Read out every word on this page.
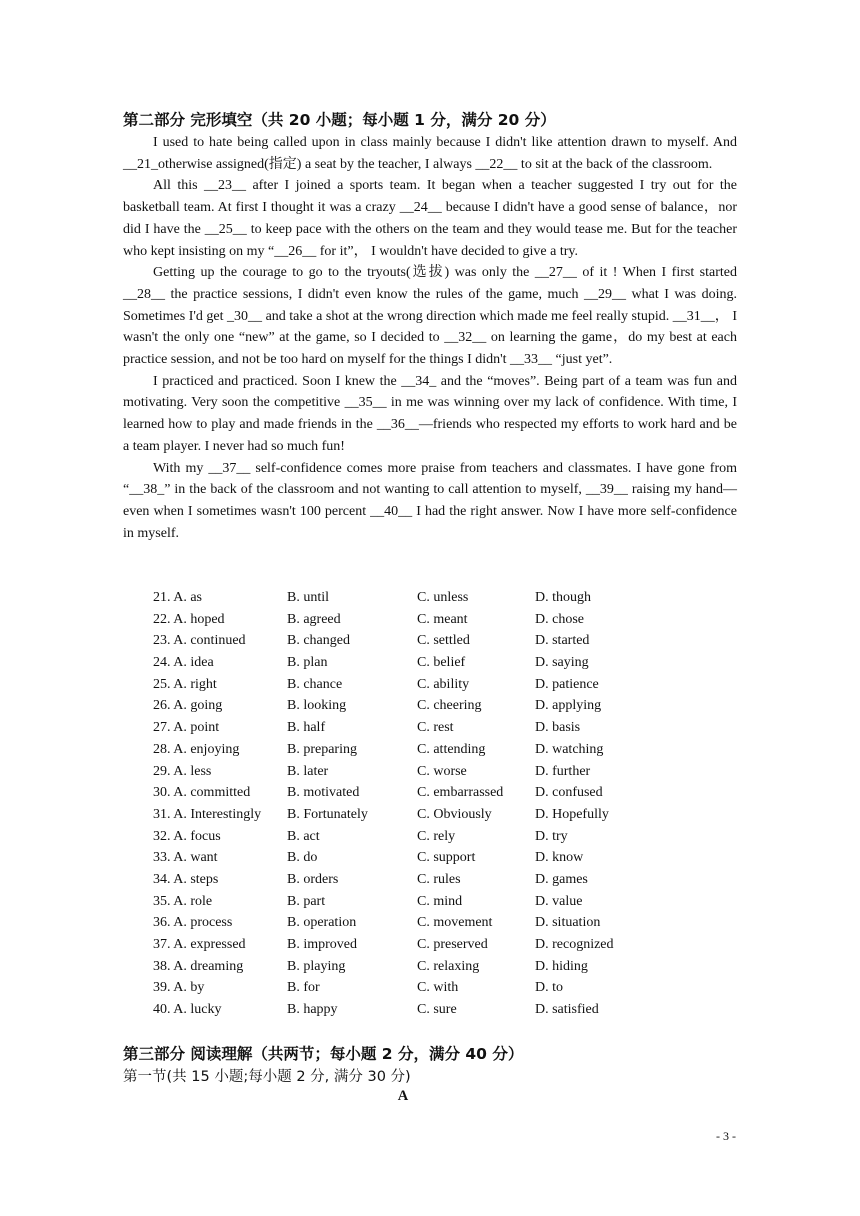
第二部分 完形填空（共 20 小题；每小题 1 分，满分 20 分）

I used to hate being called upon in class mainly because I didn't like attention drawn to myself. And __21_otherwise assigned(指定) a seat by the teacher, I always __22__ to sit at the back of the classroom.

All this __23__ after I joined a sports team. It began when a teacher suggested I try out for the basketball team. At first I thought it was a crazy __24__ because I didn't have a good sense of balance，nor did I have the __25__ to keep pace with the others on the team and they would tease me. But for the teacher who kept insisting on my “__26__ for it”， I wouldn't have decided to give a try.

Getting up the courage to go to the tryouts(选拔) was only the __27__ of it ! When I first started __28__ the practice sessions, I didn't even know the rules of the game, much __29__ what I was doing. Sometimes I'd get _30__ and take a shot at the wrong direction which made me feel really stupid. __31__， I wasn't the only one “new” at the game, so I decided to __32__ on learning the game，do my best at each practice session, and not be too hard on myself for the things I didn't __33__ “just yet”.

I practiced and practiced. Soon I knew the __34_ and the “moves”. Being part of a team was fun and motivating. Very soon the competitive __35__ in me was winning over my lack of confidence. With time, I learned how to play and made friends in the __36__—friends who respected my efforts to work hard and be a team player. I never had so much fun!

With my __37__ self-confidence comes more praise from teachers and classmates. I have gone from “__38_” in the back of the classroom and not wanting to call attention to myself, __39__ raising my hand—even when I sometimes wasn't 100 percent __40__ I had the right answer. Now I have more self-confidence in myself.

21. A. as	B. until	C. unless	D. though
22. A. hoped	B. agreed	C. meant	D. chose
23. A. continued	B. changed	C. settled	D. started
24. A. idea	B. plan	C. belief	D. saying
25. A. right	B. chance	C. ability	D. patience
26. A. going	B. looking	C. cheering	D. applying
27. A. point	B. half	C. rest	D. basis
28. A. enjoying	B. preparing	C. attending	D. watching
29. A. less	B. later	C. worse	D. further
30. A. committed	B. motivated	C. embarrassed D. confused
31. A. Interestingly B. Fortunately	C. Obviously	D. Hopefully
32. A. focus	B. act	C. rely	D. try
33. A. want	B. do	C. support	D. know
34. A. steps	B. orders	C. rules	D. games
35. A. role	B. part	C. mind	D. value
36. A. process	B. operation	C. movement	D. situation
37. A. expressed	B. improved	C. preserved	D. recognized
38. A. dreaming	B. playing	C. relaxing	D. hiding
39. A. by	B. for	C. with	D. to
40. A. lucky	B. happy	C. sure	D. satisfied
第三部分 阅读理解（共两节；每小题 2 分，满分 40 分）
第一节(共 15 小题;每小题 2 分, 满分 30 分)
A
- 3 -
